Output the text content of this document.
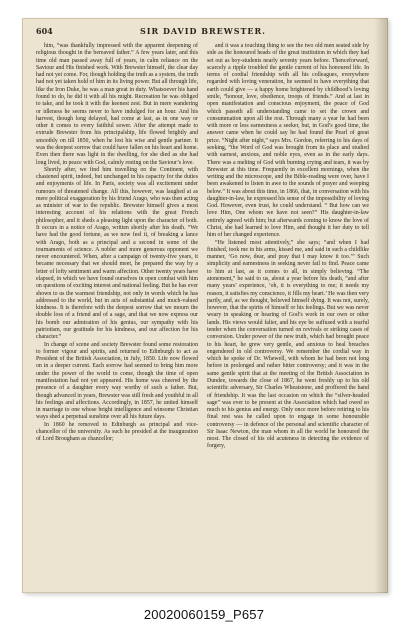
604	SIR DAVID BREWSTER.

him, “was thankfully impressed with the apparent deepening of religious thought in the bereaved father.” A few years later, and this time old man passed away full of years, in calm reliance on the Saviour and His finished work. With Brewster himself, the clear day had not yet come. For, though holding the truth as a system, the truth had not yet taken hold of him in its living power. But all through life, like the Iron Duke, he was a man great in duty. Whatsoever his hand found to do, he did it with all his might. Recreation he was obliged to take, and he took it with the keenest zest. But in mere wandering or idleness he seems never to have indulged for an hour. And his harvest, though long delayed, had come at last, as in one way or other it comes to every faithful sower. After the attempt made to extrude Brewster from his principalship, life flowed brightly and smoothly on till 1850, when he lost his wise and gentle partner. It was the deepest sorrow that could have fallen on his heart and home. Even then there was light in the dwelling, for she died as she had long lived, in peace with God, calmly resting on the Saviour’s love.

Shortly after, we find him travelling on the Continent, with chastened spirit, indeed, but unchanged in his capacity for the duties and enjoyments of life. In Paris, society was all excitement under rumours of threatened change. All this, however, was laughed at as mere political exaggeration by his friend Arago, who was then acting as minister of war to the republic. Brewster himself gives a most interesting account of his relations with the great French philosopher, and it sheds a pleasing light upon the character of both. It occurs in a notice of Arago, written shortly after his death. “We have had the good fortune, as we now feel it, of breaking a lance with Arago, both as a principal and a second in some of the tournaments of science. A nobler and more generous opponent we never encountered. When, after a campaign of twenty-five years, it became necessary that we should meet, he prepared the way by a letter of lofty sentiment and warm affection. Other twenty years have elapsed, in which we have found ourselves in open combat with him on questions of exciting interest and national feeling. But he has ever shown to us the warmest friendship, not only in words which he has addressed to the world, but in acts of substantial and much-valued kindness. It is therefore with the deepest sorrow that we mourn the double loss of a friend and of a sage, and that we now express our his bomb our admiration of his genius, our sympathy with his patriotism, our gratitude for his kindness, and our affection for his character.”

In change of scene and society Brewster found some restoration to former vigour and spirits, and returned to Edinburgh to act as President of the British Association, in July, 1850. Life now flowed on in a deeper current. Each sorrow had seemed to bring him more under the power of the world to come, though the time of open manifestation had not yet appeared. His home was cheered by the presence of a daughter every way worthy of such a father. But, though advanced in years, Brewster was still fresh and youthful in all his feelings and affections. Accordingly, in 1857, he united himself in marriage to one whose bright intelligence and winsome Christian ways shed a perpetual sunshine over all his future days.

In 1860 he removed to Edinburgh as principal and vice-chancellor of the university. As such he presided at the inauguration of Lord Brougham as chancellor;

and it was a touching thing to see the two old men seated side by side as the honoured heads of the great institution in which they had set out as boy-students nearly seventy years before. Thenceforward, scarcely a ripple troubled the gentle current of his honoured life. In terms of cordial friendship with all his colleagues, everywhere regarded with loving veneration, he seemed to have everything that earth could give — a happy home brightened by childhood’s loving smile, “honour, love, obedience, troops of friends.” And at last in open manifestation and conscious enjoyment, the peace of God which passeth all understanding came to set the crown and consummation upon all the rest. Through many a year he had been with more or less earnestness a seeker, but, in God’s good time, the answer came when he could say he had found the Pearl of great price. “Night after night,” says Mrs. Gordon, referring to his days of seeking, “the Word of God was brought from its place and studied with earnest, anxious, and noble eyes, even as in the early days. There was a melting of God with burning crying and tears, it was by Brewster at this time. Frequently in excellent mornings, when the writing and the microscope, and the Bible-reading were over, have I been awakened to listen in awe to the sounds of prayer and weeping below.” It was about this time, in 1866, that, in conversation with his daughter-in-law, he expressed his sense of the impossibility of loving God. However, even trust, he could understand. “ But how can we love Him, One whom we have not seen?” His daughter-in-law entirely agreed with him; but afterwards coming to know the love of Christ, she had learned to love Him, and thought it her duty to tell him of her changed experience.

“He listened most attentively,” she says; “and when I had finished, took me in his arms, kissed me, and said in such a childlike manner, ‘Go now, dear, and pray that I may know it too.’” Such simplicity and earnestness in seeking never fail to find. Peace came to him at last, as it comes to all, in simply believing. “The atonement,” he said to us, about a year before his death, “and after many years’ experience, ‘oh, it is everything to me; it needs my reason, it satisfies my conscience, it fills my heart.’ He was then very partly, and, as we thought, believed himself dying. It was not, surely, however, that the spirits of himself or his feelings. But we was never weary in speaking or hearing of God’s work in our own or other lands. His views would falter, and his eye be suffused with a tearful tender when the conversation turned on revivals or striking cases of conversion. Under power of the new truth, which had brought peace to his heart, he grew very gentle, and anxious to heal breaches engendered in old controversy. We remember the cordial way in which he spoke of Dr. Whewell, with whom he had been not long before in prolonged and rather bitter controversy; and it was in the same gentle spirit that at the meeting of the British Association in Dundee, towards the close of 1867, he went freshly up to his old scientific adversary, Sir Charles Wheatstone, and proffered the hand of friendship. It was the last occasion on which the “silver-headed sage” was ever to be present at the Association which had owed so much to his genius and energy. Only once more before retiring to his final rest was he called upon to engage in some honourable controversy — in defence of the personal and scientific character of Sir Isaac Newton, the man whom in all the world he honoured the most. The closed of his old acuteness in detecting the evidence of forgery,

20020060159_P657
